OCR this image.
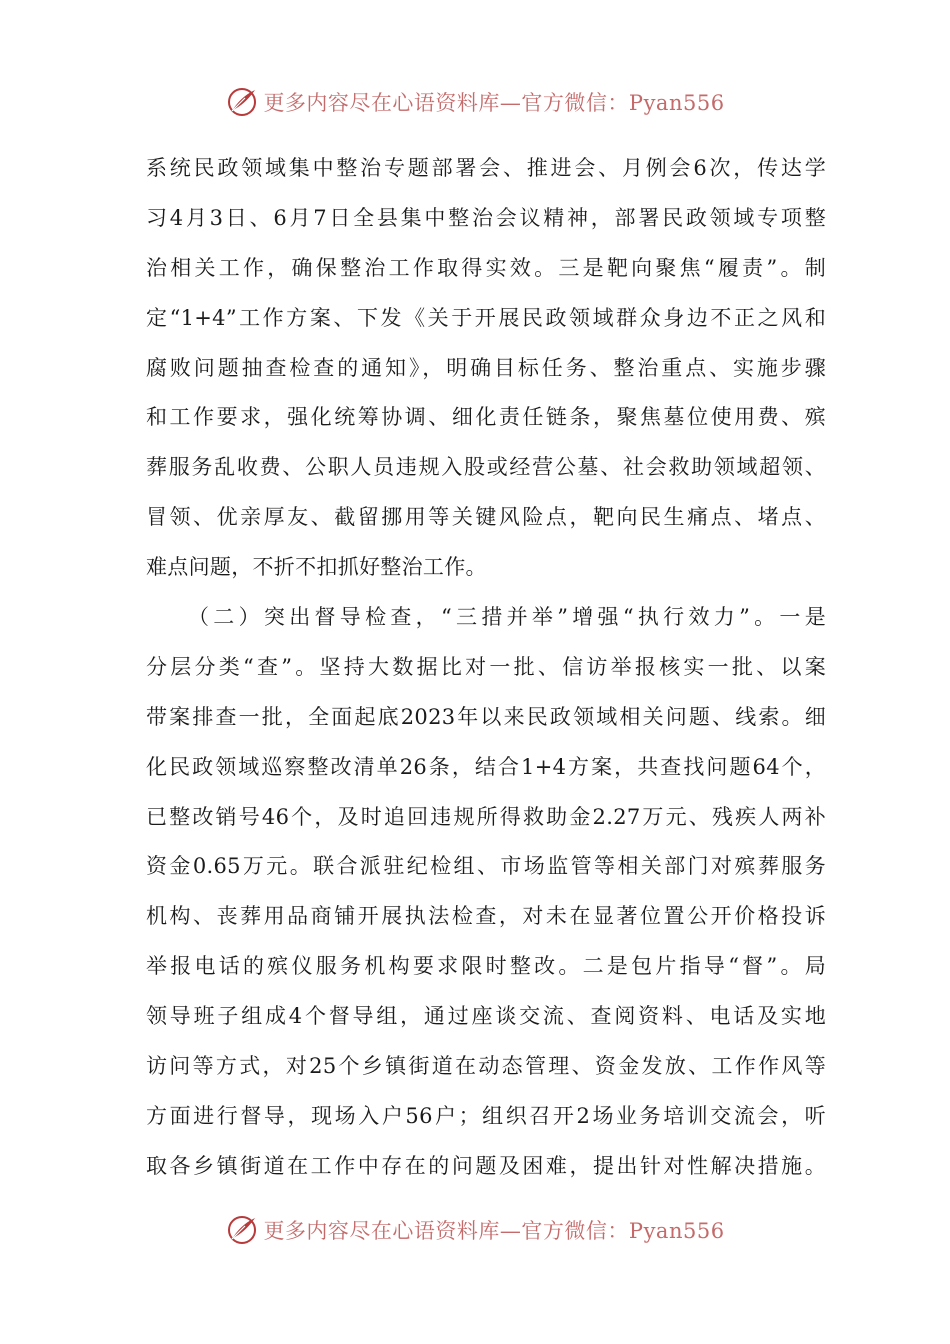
更多内容尽在心语资料库—官方微信：Pyan556
系统民政领域集中整治专题部署会、推进会、月例会6次，传达学
习4月3日、6月7日全县集中整治会议精神，部署民政领域专项整
治相关工作，确保整治工作取得实效。三是靶向聚焦“履责”。制
定“1+4”工作方案、下发《关于开展民政领域群众身边不正之风和
腐败问题抽查检查的通知》，明确目标任务、整治重点、实施步骤
和工作要求，强化统筹协调、细化责任链条，聚焦墓位使用费、殡
葬服务乱收费、公职人员违规入股或经营公墓、社会救助领域超领、
冒领、优亲厚友、截留挪用等关键风险点，靶向民生痛点、堵点、
难点问题，不折不扣抓好整治工作。
（二）突出督导检查，“三措并举”增强“执行效力”。一是
分层分类“查”。坚持大数据比对一批、信访举报核实一批、以案
带案排查一批，全面起底2023年以来民政领域相关问题、线索。细
化民政领域巡察整改清单26条，结合1+4方案，共查找问题64个，
已整改销号46个，及时追回违规所得救助金2.27万元、残疾人两补
资金0.65万元。联合派驻纪检组、市场监管等相关部门对殡葬服务
机构、丧葬用品商铺开展执法检查，对未在显著位置公开价格投诉
举报电话的殡仪服务机构要求限时整改。二是包片指导“督”。局
领导班子组成4个督导组，通过座谈交流、查阅资料、电话及实地
访问等方式，对25个乡镇街道在动态管理、资金发放、工作作风等
方面进行督导，现场入户56户；组织召开2场业务培训交流会，听
取各乡镇街道在工作中存在的问题及困难，提出针对性解决措施。
更多内容尽在心语资料库—官方微信：Pyan556
